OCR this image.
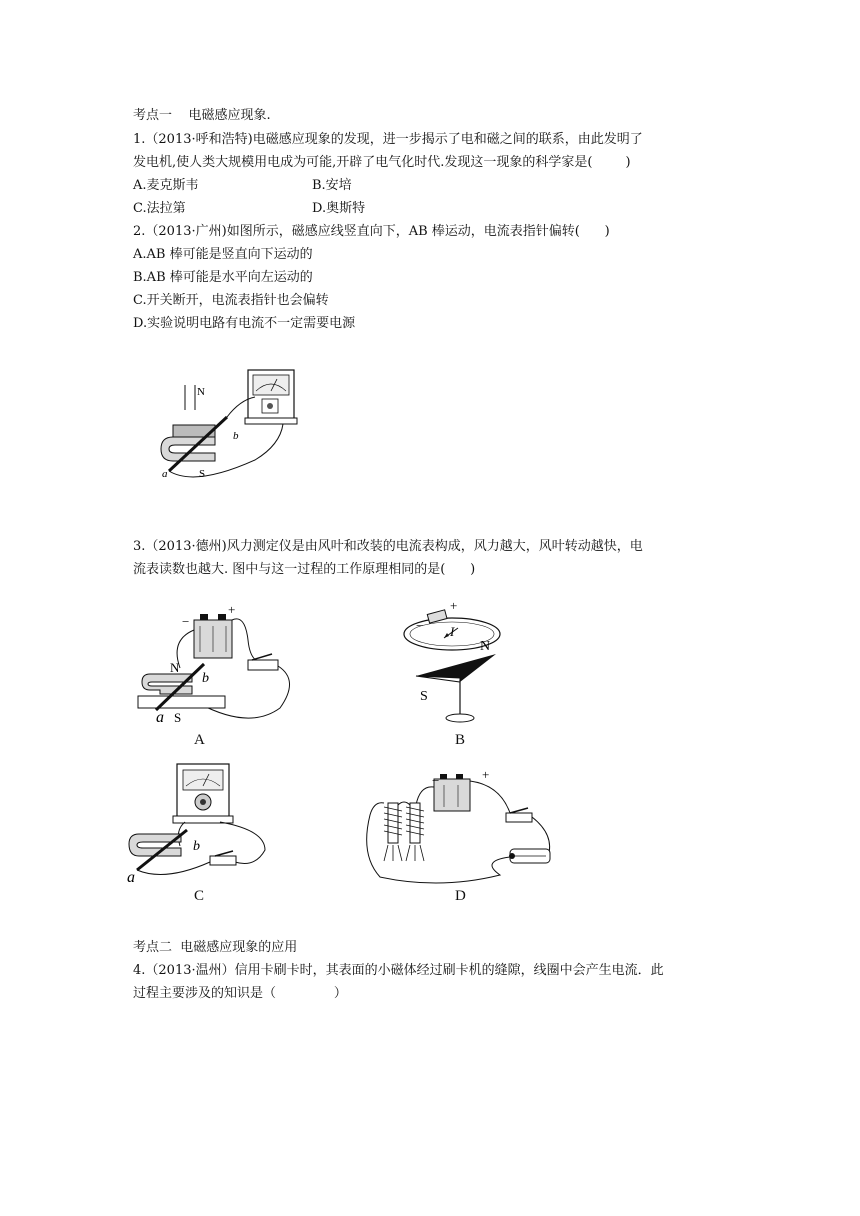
考点一    电磁感应现象.
1.（2013·呼和浩特)电磁感应现象的发现，进一步揭示了电和磁之间的联系，由此发明了
发电机,使人类大规模用电成为可能,开辟了电气化时代.发现这一现象的科学家是(        )
A.麦克斯韦	B.安培
C.法拉第	D.奥斯特
2.（2013·广州)如图所示，磁感应线竖直向下，AB 棒运动，电流表指针偏转(      )
A.AB 棒可能是竖直向下运动的
B.AB 棒可能是水平向左运动的
C.开关断开，电流表指针也会偏转
D.实验说明电路有电流不一定需要电源
N
S
a
b
3.（2013·德州)风力测定仪是由风叶和改装的电流表构成，风力越大，风叶转动越快，电
流表读数也越大. 图中与这一过程的工作原理相同的是(      )
+
−
N
b
a S
A
+
− I
N
S
B
b
a
C
−	+
D
考点二  电磁感应现象的应用
4.（2013·温州）信用卡刷卡时，其表面的小磁体经过刷卡机的缝隙，线圈中会产生电流．此
过程主要涉及的知识是（              ）
